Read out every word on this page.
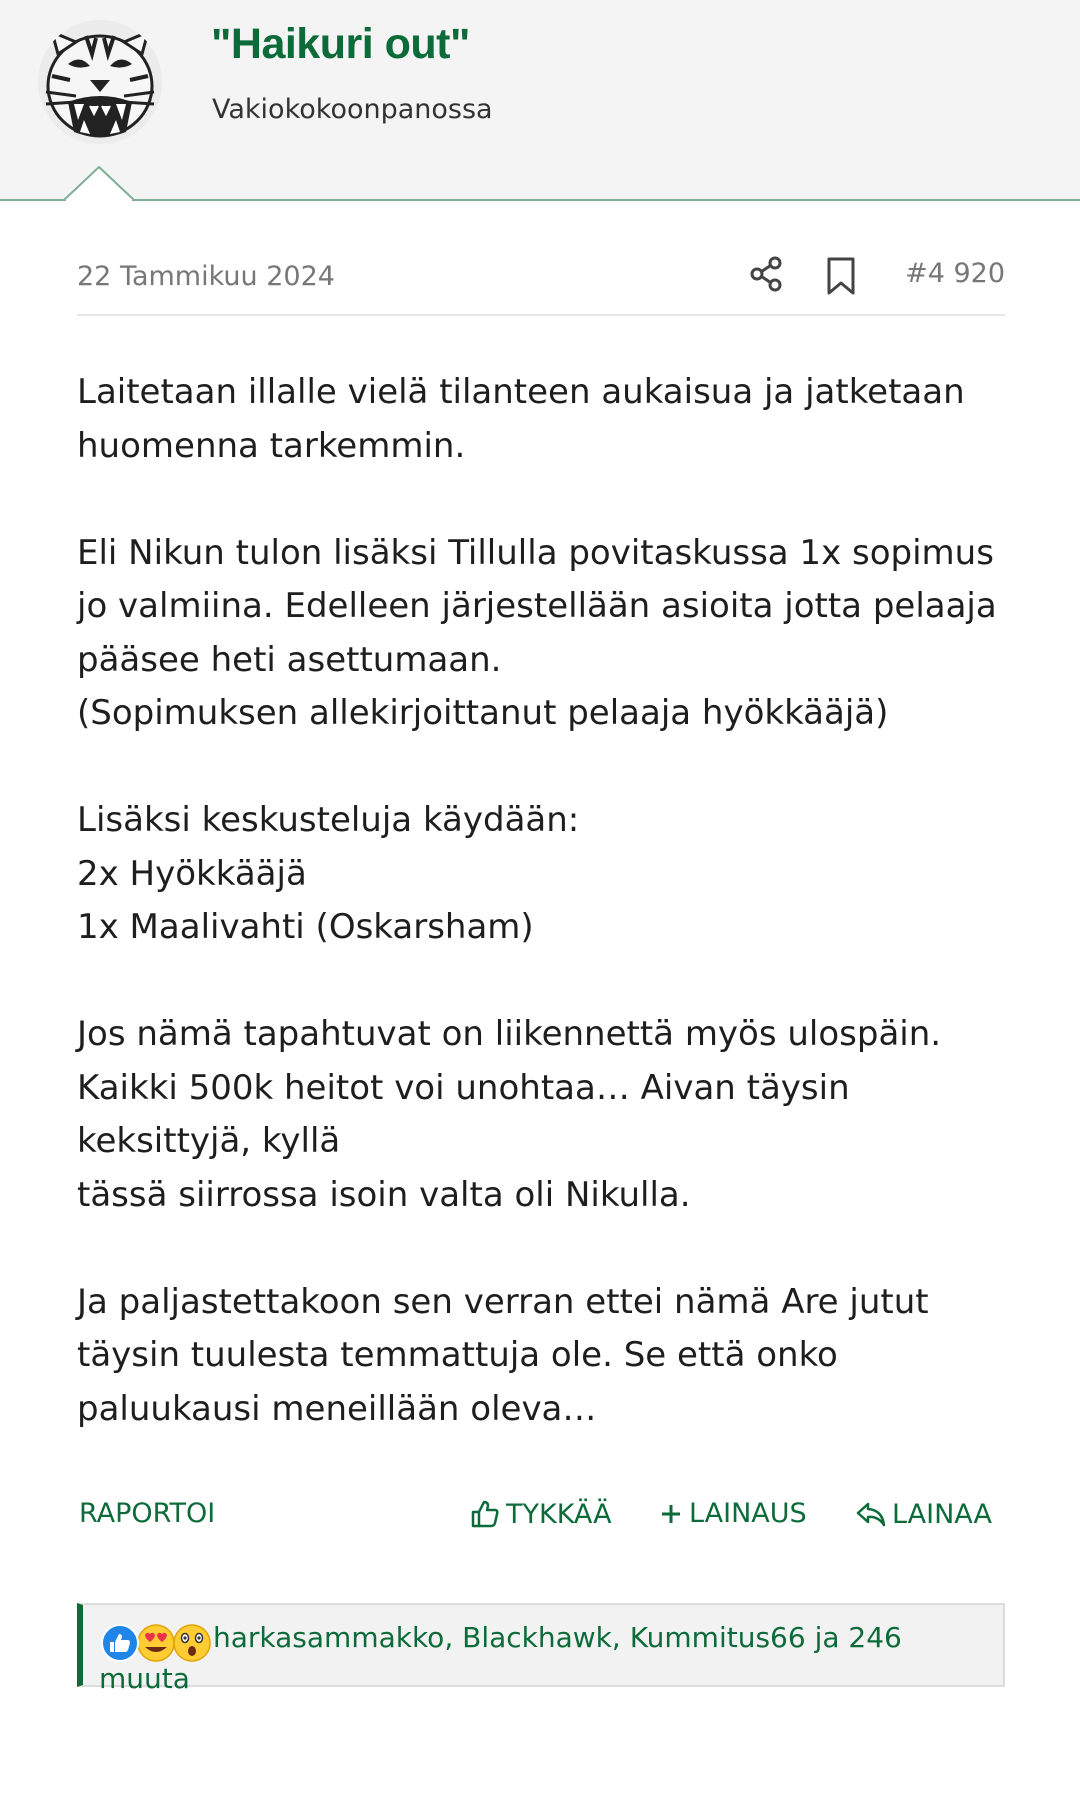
"Haikuri out"
Vakiokokoonpanossa
22 Tammikuu 2024	#4 920

Laitetaan illalle vielä tilanteen aukaisua ja jatketaan huomenna tarkemmin.

Eli Nikun tulon lisäksi Tillulla povitaskussa 1x sopimus jo valmiina. Edelleen järjestellään asioita jotta pelaaja pääsee heti asettumaan.
(Sopimuksen allekirjoittanut pelaaja hyökkääjä)

Lisäksi keskusteluja käydään:
2x Hyökkääjä
1x Maalivahti (Oskarsham)

Jos nämä tapahtuvat on liikennettä myös ulospäin.
Kaikki 500k heitot voi unohtaa… Aivan täysin keksittyjä, kyllä
tässä siirrossa isoin valta oli Nikulla.

Ja paljastettakoon sen verran ettei nämä Are jutut täysin tuulesta temmattuja ole. Se että onko paluukausi meneillään oleva…

RAPORTOI	TYKKÄÄ	LAINAUS	LAINAA

harkasammakko, Blackhawk, Kummitus66 ja 246 muuta
